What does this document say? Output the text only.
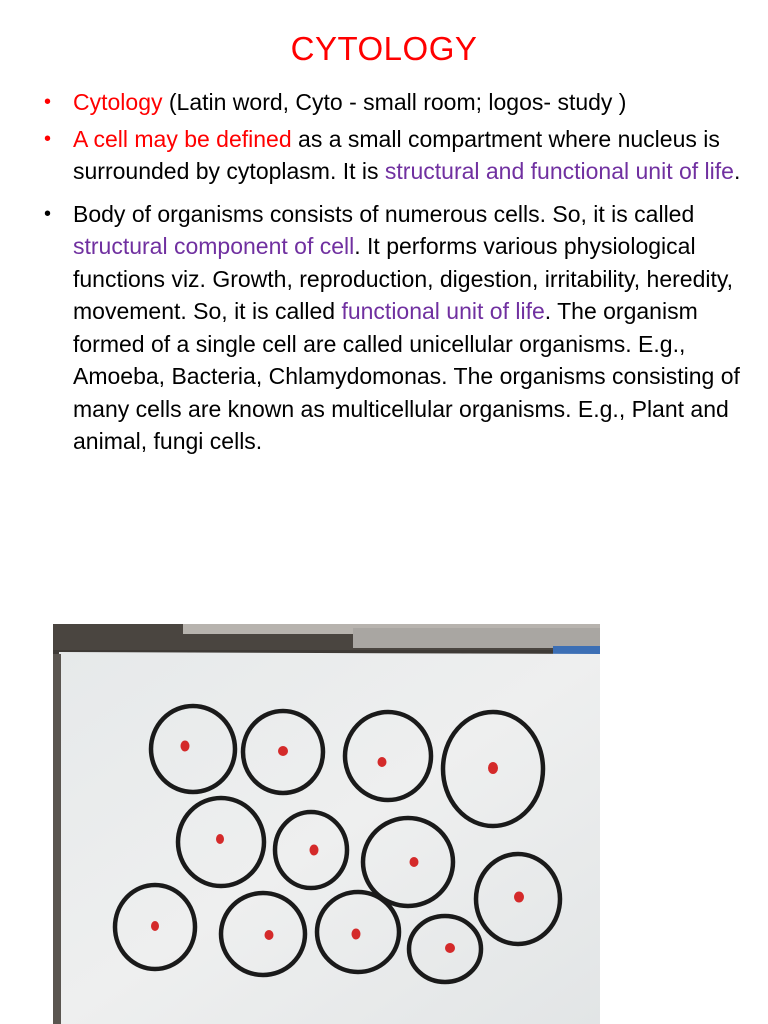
CYTOLOGY

• Cytology (Latin word, Cyto - small room; logos- study )

• A cell may be defined as a small compartment where nucleus is surrounded by cytoplasm. It is structural and functional unit of life.

• Body of organisms consists of numerous cells. So, it is called structural component of cell. It performs various physiological functions viz. Growth, reproduction, digestion, irritability, heredity, movement. So, it is called functional unit of life. The organism formed of a single cell are called unicellular organisms. E.g., Amoeba, Bacteria, Chlamydomonas. The organisms consisting of many cells are known as multicellular organisms. E.g., Plant and animal, fungi cells.
